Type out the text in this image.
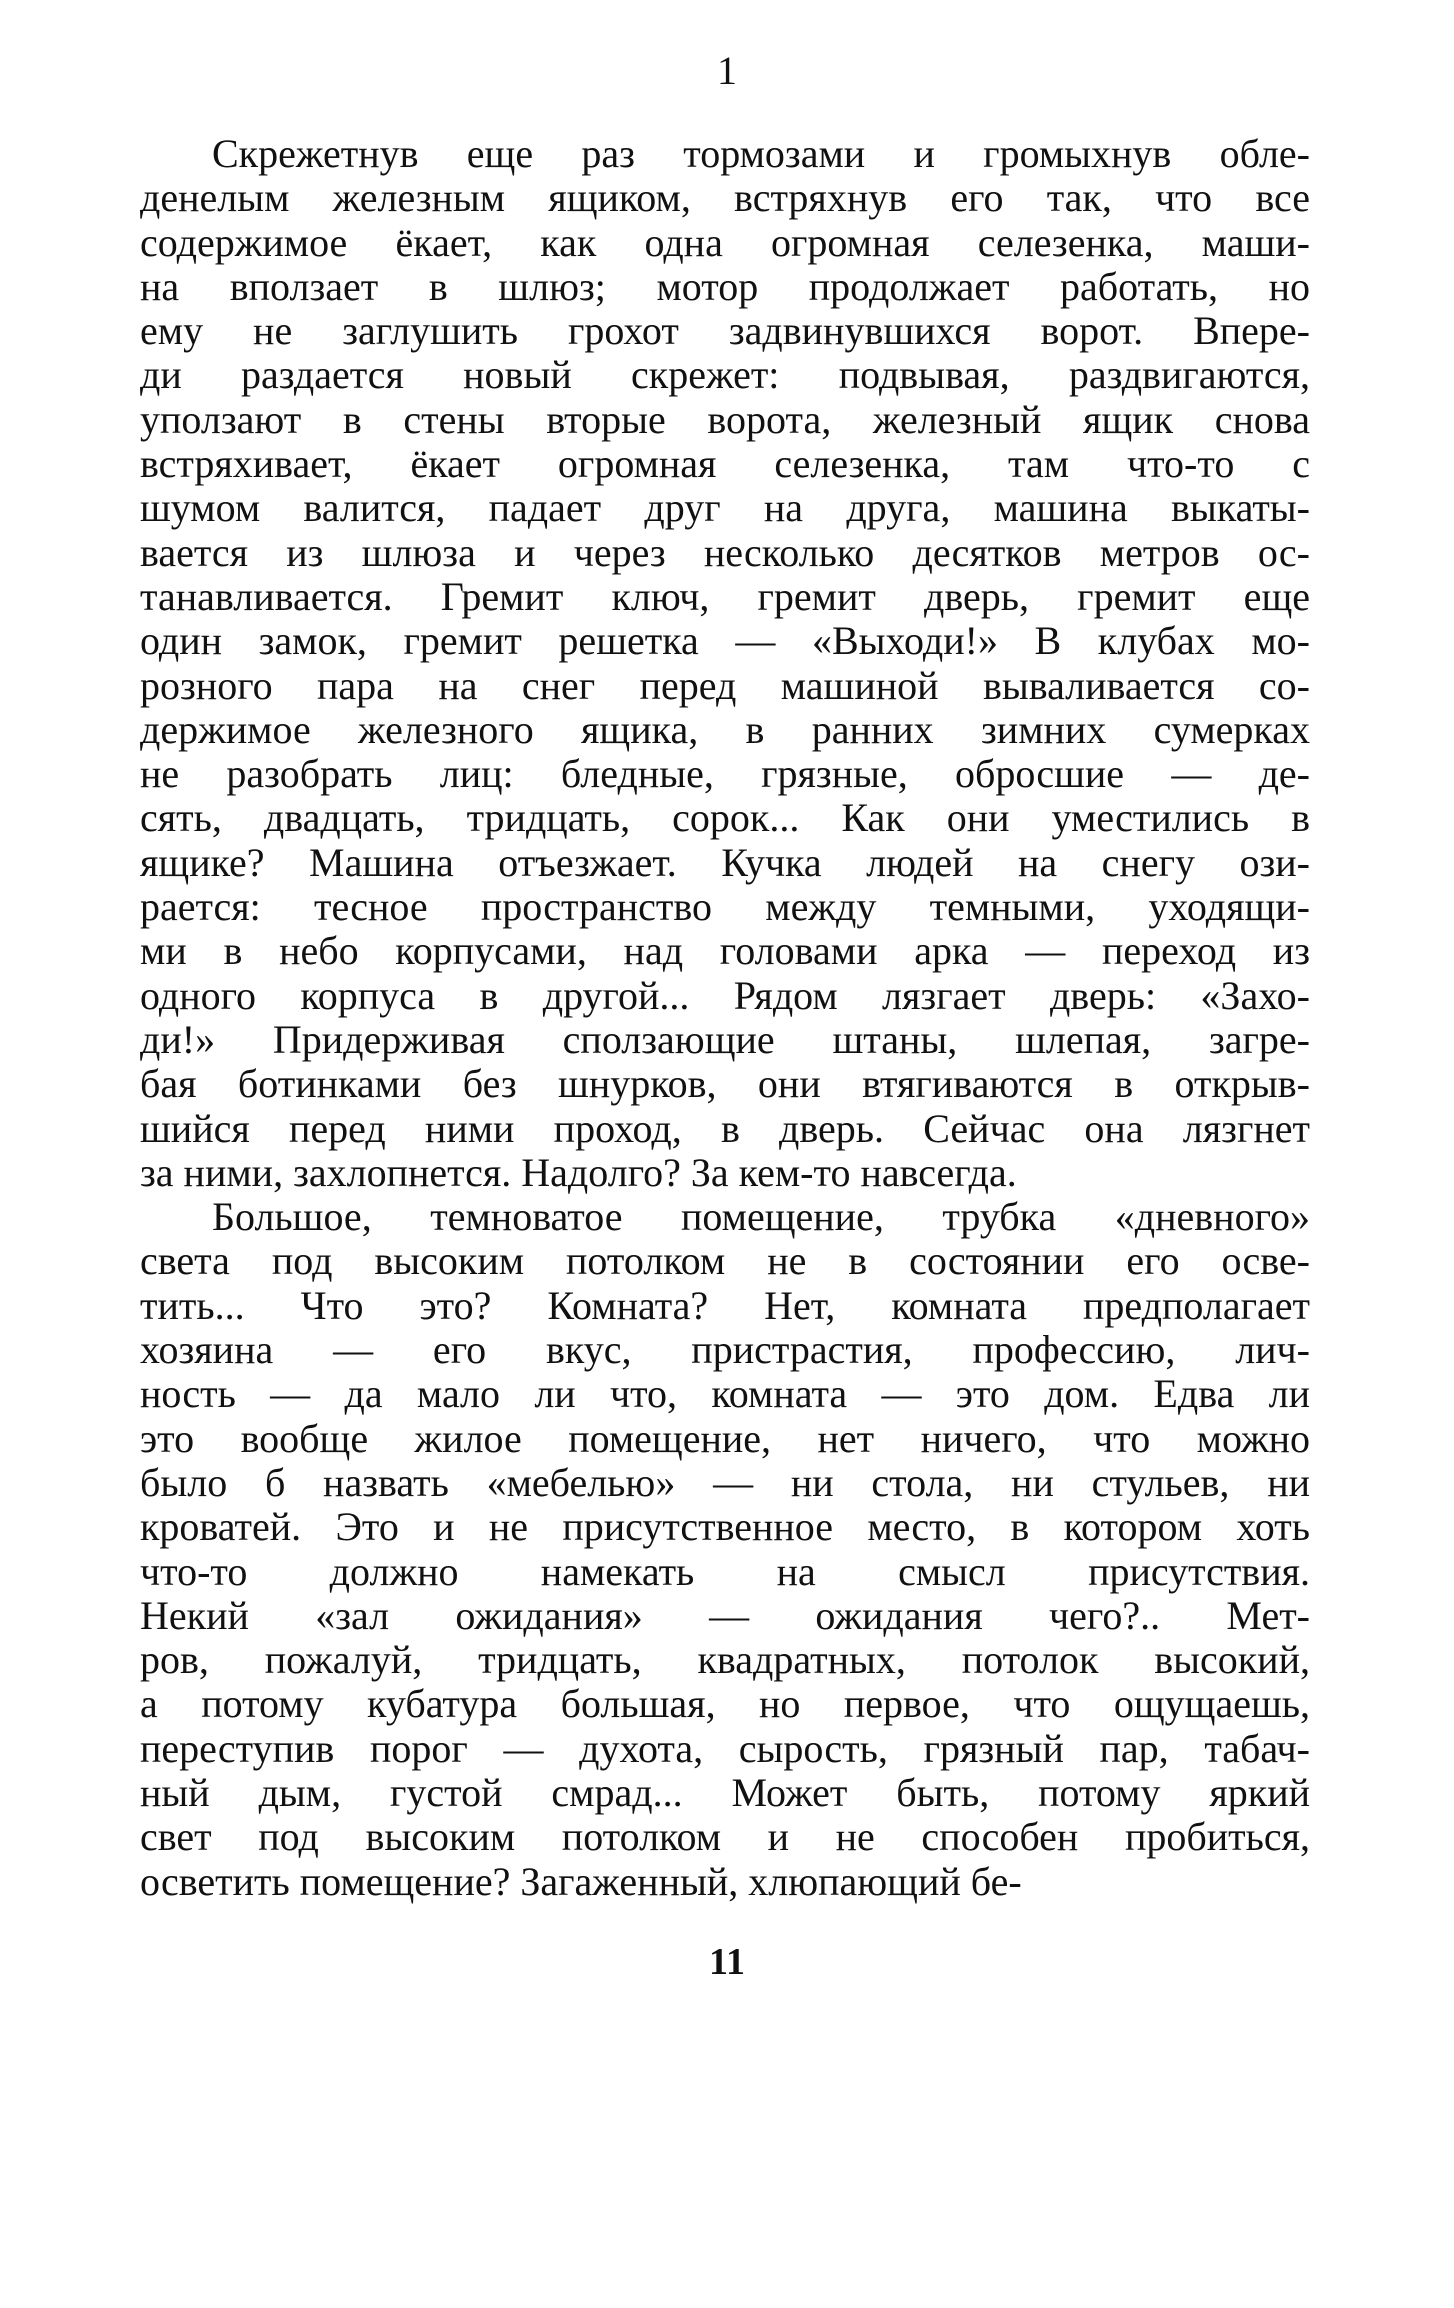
1
Скрежетнув еще раз тормозами и громыхнув обле-
денелым железным ящиком, встряхнув его так, что все
содержимое ёкает, как одна огромная селезенка, маши-
на вползает в шлюз; мотор продолжает работать, но
ему не заглушить грохот задвинувшихся ворот. Впере-
ди раздается новый скрежет: подвывая, раздвигаются,
уползают в стены вторые ворота, железный ящик снова
встряхивает, ёкает огромная селезенка, там что-то с
шумом валится, падает друг на друга, машина выкаты-
вается из шлюза и через несколько десятков метров ос-
танавливается. Гремит ключ, гремит дверь, гремит еще
один замок, гремит решетка — «Выходи!» В клубах мо-
розного пара на снег перед машиной вываливается со-
держимое железного ящика, в ранних зимних сумерках
не разобрать лиц: бледные, грязные, обросшие — де-
сять, двадцать, тридцать, сорок... Как они уместились в
ящике? Машина отъезжает. Кучка людей на снегу ози-
рается: тесное пространство между темными, уходящи-
ми в небо корпусами, над головами арка — переход из
одного корпуса в другой... Рядом лязгает дверь: «Захо-
ди!» Придерживая сползающие штаны, шлепая, загре-
бая ботинками без шнурков, они втягиваются в открыв-
шийся перед ними проход, в дверь. Сейчас она лязгнет
за ними, захлопнется. Надолго? За кем-то навсегда.
Большое, темноватое помещение, трубка «дневного»
света под высоким потолком не в состоянии его осве-
тить... Что это? Комната? Нет, комната предполагает
хозяина — его вкус, пристрастия, профессию, лич-
ность — да мало ли что, комната — это дом. Едва ли
это вообще жилое помещение, нет ничего, что можно
было б назвать «мебелью» — ни стола, ни стульев, ни
кроватей. Это и не присутственное место, в котором хоть
что-то должно намекать на смысл присутствия.
Некий «зал ожидания» — ожидания чего?.. Мет-
ров, пожалуй, тридцать, квадратных, потолок высокий,
а потому кубатура большая, но первое, что ощущаешь,
переступив порог — духота, сырость, грязный пар, табач-
ный дым, густой смрад... Может быть, потому яркий
свет под высоким потолком и не способен пробиться,
осветить помещение? Загаженный, хлюпающий бе-
11
